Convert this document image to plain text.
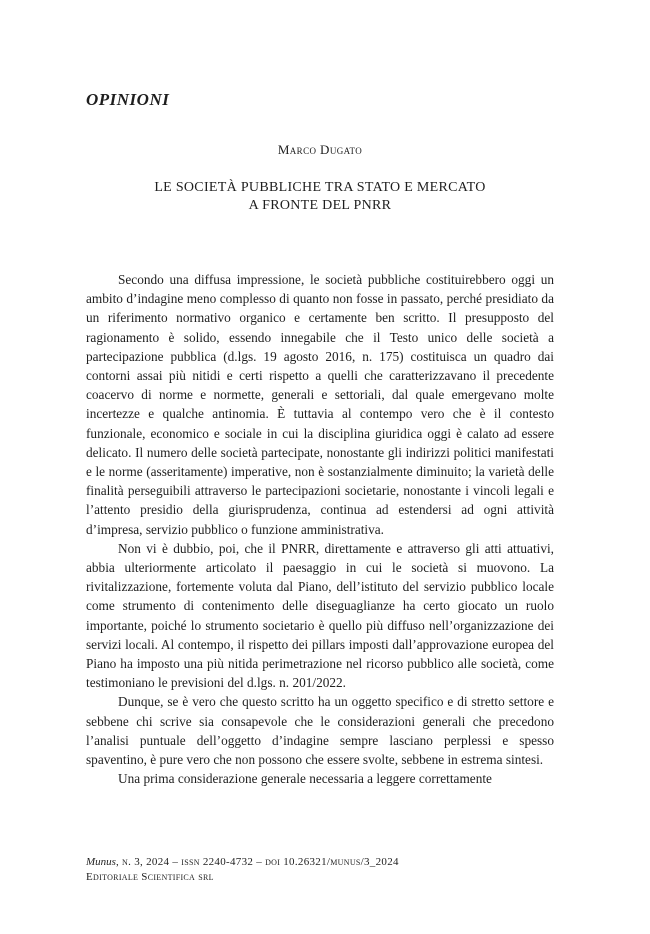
OPINIONI

Marco Dugato

LE SOCIETÀ PUBBLICHE TRA STATO E MERCATO
A FRONTE DEL PNRR

Secondo una diffusa impressione, le società pubbliche costituirebbero oggi un ambito d’indagine meno complesso di quanto non fosse in passato, perché presidiato da un riferimento normativo organico e certamente ben scritto. Il presupposto del ragionamento è solido, essendo innegabile che il Testo unico delle società a partecipazione pubblica (d.lgs. 19 agosto 2016, n. 175) costituisca un quadro dai contorni assai più nitidi e certi rispetto a quelli che caratterizzavano il precedente coacervo di norme e normette, generali e settoriali, dal quale emergevano molte incertezze e qualche antinomia. È tuttavia al contempo vero che è il contesto funzionale, economico e sociale in cui la disciplina giuridica oggi è calato ad essere delicato. Il numero delle società partecipate, nonostante gli indirizzi politici manifestati e le norme (asseritamente) imperative, non è sostanzialmente diminuito; la varietà delle finalità perseguibili attraverso le partecipazioni societarie, nonostante i vincoli legali e l’attento presidio della giurisprudenza, continua ad estendersi ad ogni attività d’impresa, servizio pubblico o funzione amministrativa.

Non vi è dubbio, poi, che il PNRR, direttamente e attraverso gli atti attuativi, abbia ulteriormente articolato il paesaggio in cui le società si muovono. La rivitalizzazione, fortemente voluta dal Piano, dell’istituto del servizio pubblico locale come strumento di contenimento delle diseguaglianze ha certo giocato un ruolo importante, poiché lo strumento societario è quello più diffuso nell’organizzazione dei servizi locali. Al contempo, il rispetto dei pillars imposti dall’approvazione europea del Piano ha imposto una più nitida perimetrazione nel ricorso pubblico alle società, come testimoniano le previsioni del d.lgs. n. 201/2022.

Dunque, se è vero che questo scritto ha un oggetto specifico e di stretto settore e sebbene chi scrive sia consapevole che le considerazioni generali che precedono l’analisi puntuale dell’oggetto d’indagine sempre lasciano perplessi e spesso spaventino, è pure vero che non possono che essere svolte, sebbene in estrema sintesi.

Una prima considerazione generale necessaria a leggere correttamente

Munus, n. 3, 2024 – issn 2240-4732 – doi 10.26321/munus/3_2024
Editoriale Scientifica srl
